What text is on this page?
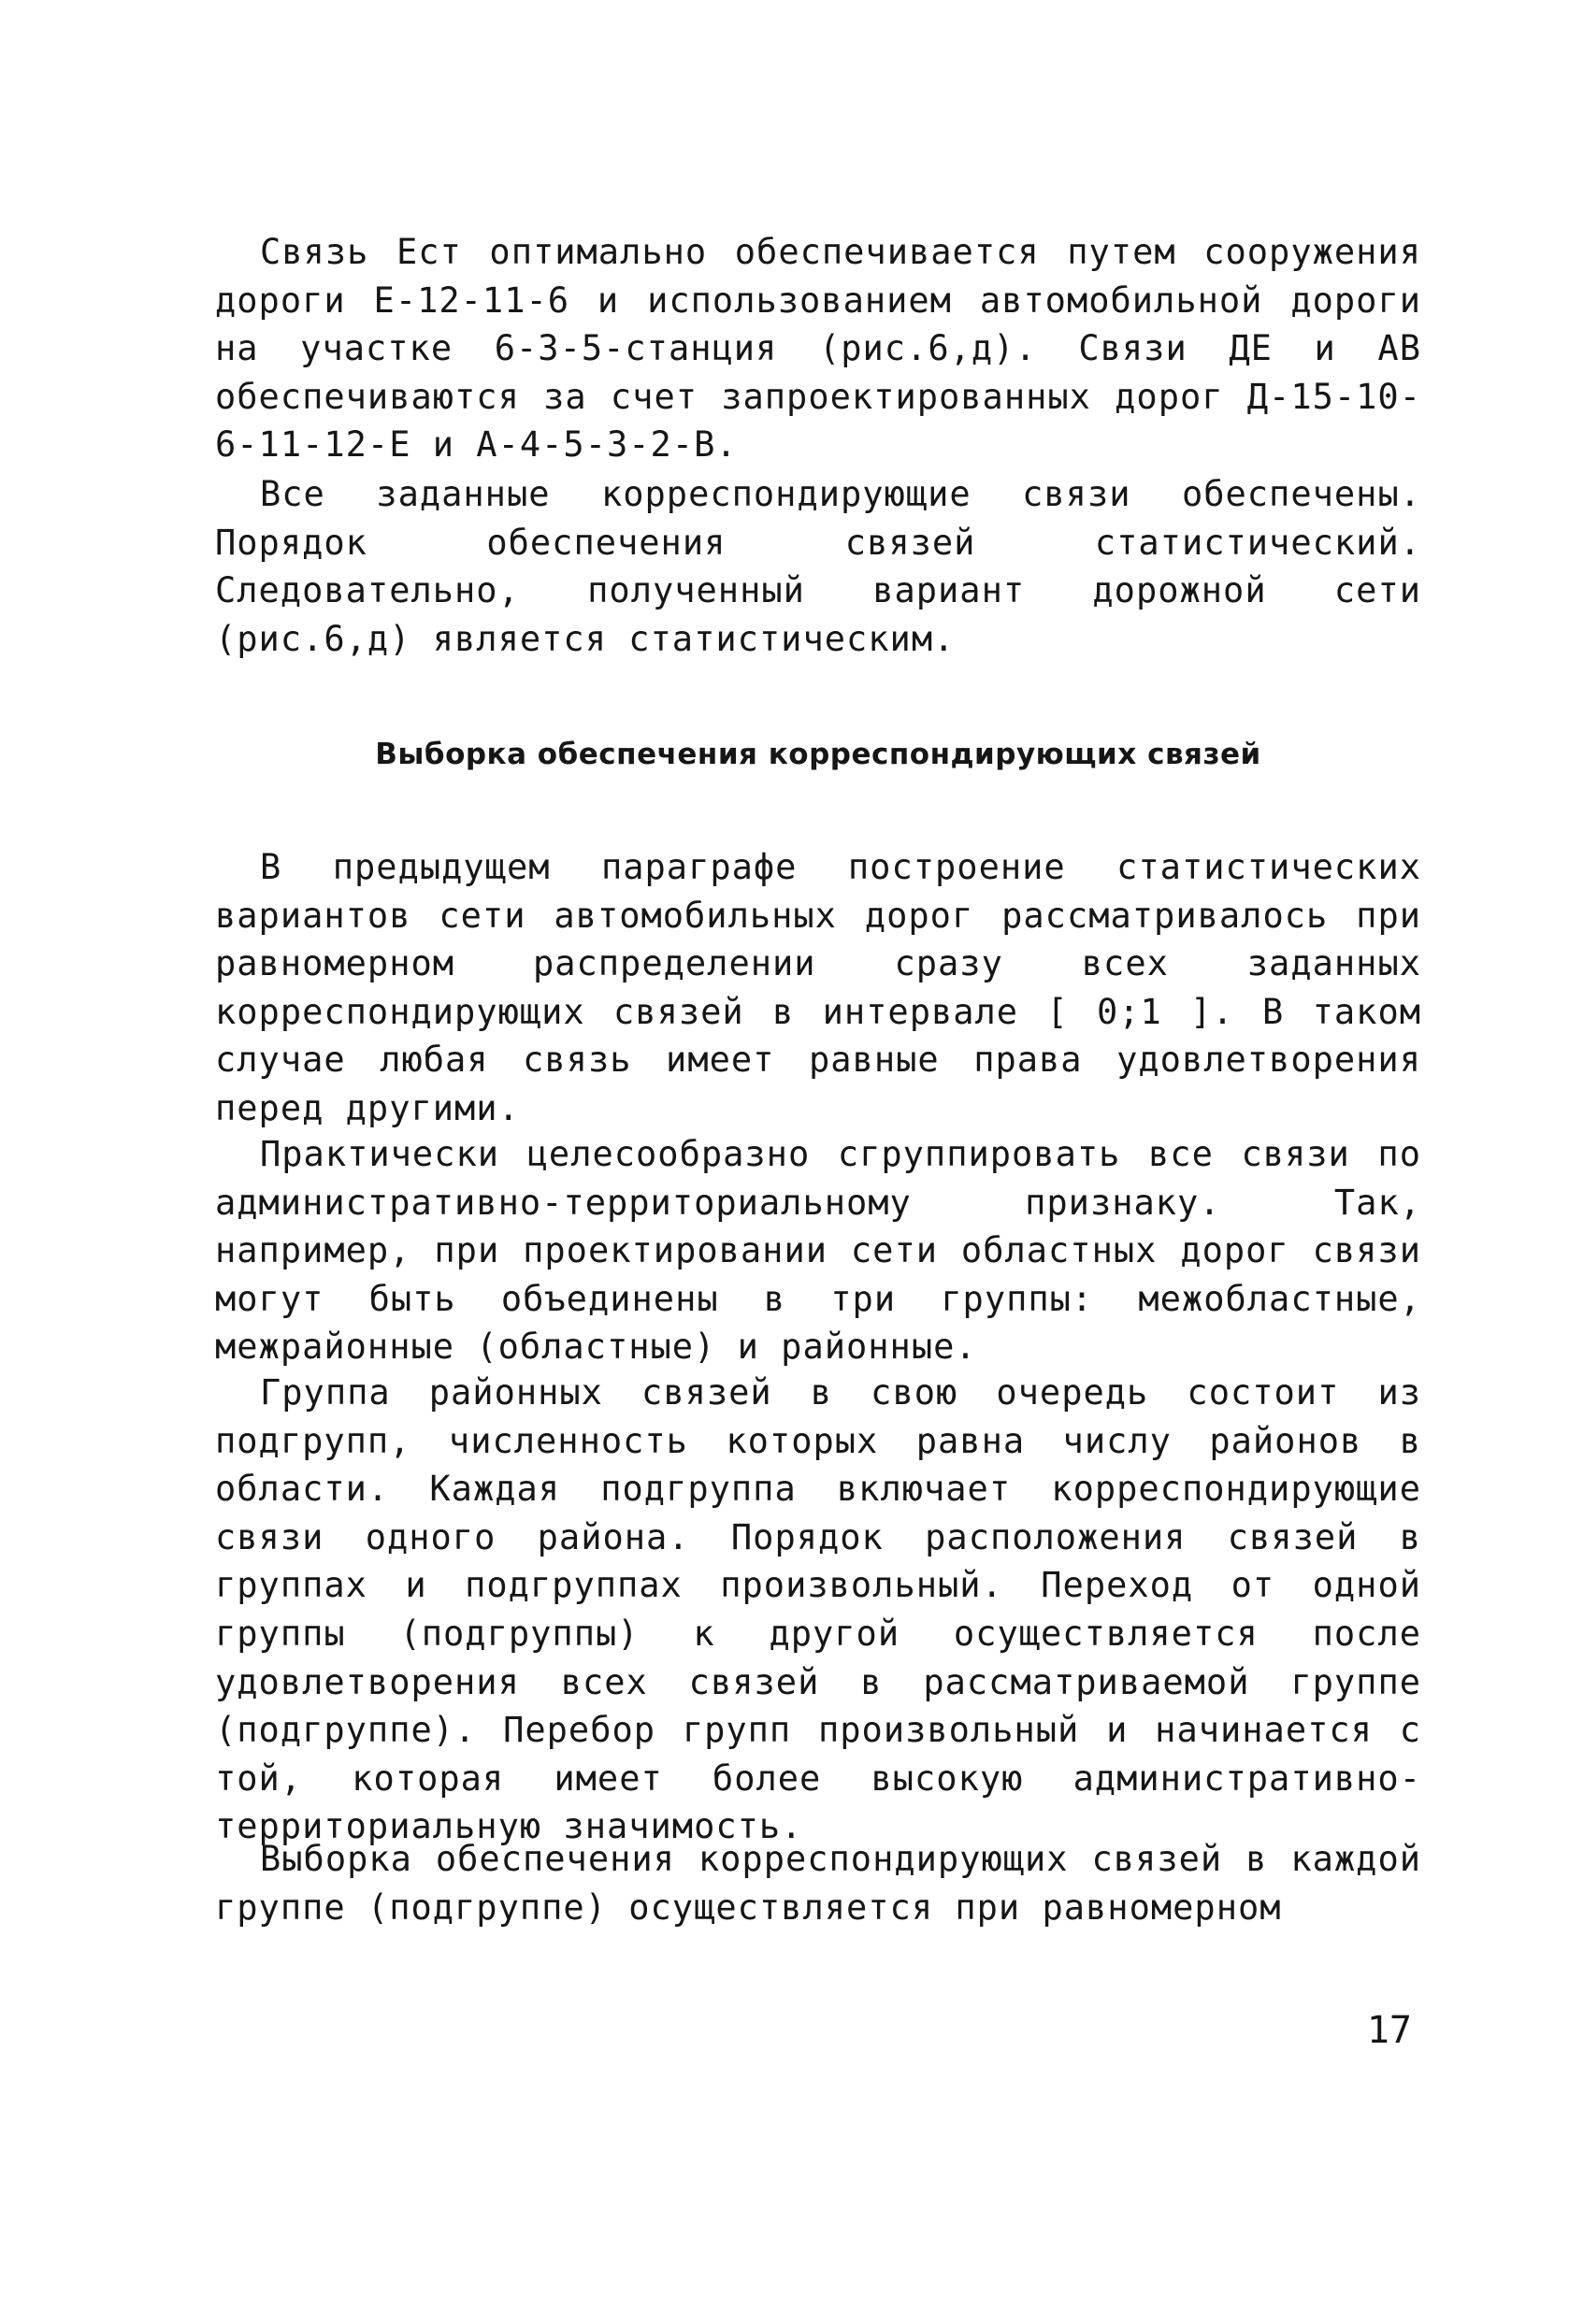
Связь Eст оптимально обеспечивается путем сооружения дороги Е-12-11-6 и использованием автомобильной дороги на участке 6-3-5-станция (рис.6,д). Связи ДЕ и АВ обеспечиваются за счет запроектированных дорог Д-15-10-6-11-12-Е и А-4-5-3-2-В.

Все заданные корреспондирующие связи обеспечены. Порядок обеспечения связей статистический. Следовательно, полученный вариант дорожной сети (рис.6,д) является статистическим.

Выборка обеспечения корреспондирующих связей

В предыдущем параграфе построение статистических вариантов сети автомобильных дорог рассматривалось при равномерном распределении сразу всех заданных корреспондирующих связей в интервале [ 0;1 ]. В таком случае любая связь имеет равные права удовлетворения перед другими.

Практически целесообразно сгруппировать все связи по административно-территориальному признаку. Так, например, при проектировании сети областных дорог связи могут быть объединены в три группы: межобластные, межрайонные (областные) и районные.

Группа районных связей в свою очередь состоит из подгрупп, численность которых равна числу районов в области. Каждая подгруппа включает корреспондирующие связи одного района. Порядок расположения связей в группах и подгруппах произвольный. Переход от одной группы (подгруппы) к другой осуществляется после удовлетворения всех связей в рассматриваемой группе (подгруппе). Перебор групп произвольный и начинается с той, которая имеет более высокую административно-территориальную значимость.

Выборка обеспечения корреспондирующих связей в каждой группе (подгруппе) осуществляется при равномерном

17
